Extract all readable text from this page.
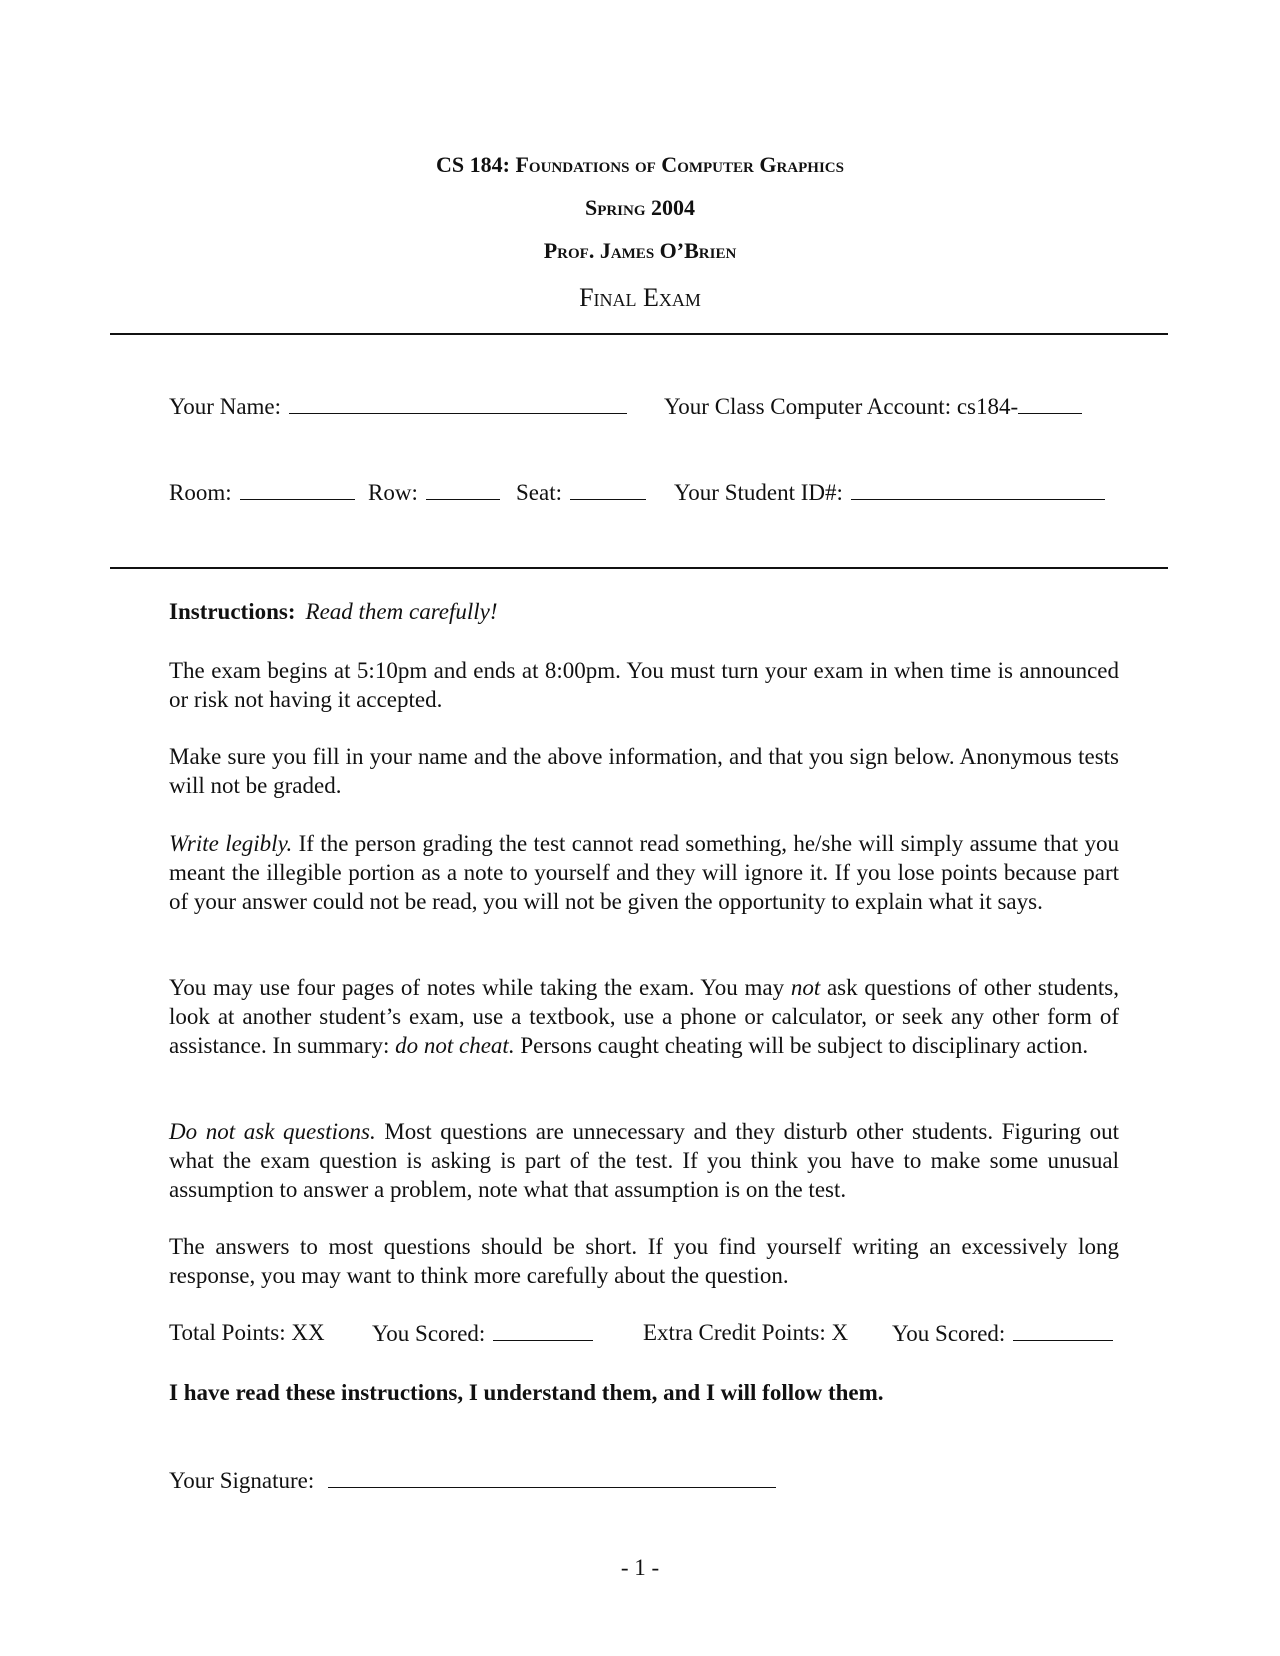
CS 184: Foundations of Computer Graphics
Spring 2004
Prof. James O’Brien
Final Exam
Your Name:	Your Class Computer Account: cs184-
Room:	Row:	Seat:	Your Student ID#:
Instructions: Read them carefully!
The exam begins at 5:10pm and ends at 8:00pm. You must turn your exam in when time is announced or risk not having it accepted.
Make sure you fill in your name and the above information, and that you sign below. Anonymous tests will not be graded.
Write legibly. If the person grading the test cannot read something, he/she will simply assume that you meant the illegible portion as a note to yourself and they will ignore it. If you lose points because part of your answer could not be read, you will not be given the opportunity to explain what it says.
You may use four pages of notes while taking the exam. You may not ask questions of other students, look at another student’s exam, use a textbook, use a phone or calculator, or seek any other form of assistance. In summary: do not cheat. Persons caught cheating will be subject to disciplinary action.
Do not ask questions. Most questions are unnecessary and they disturb other students. Figuring out what the exam question is asking is part of the test. If you think you have to make some unusual assumption to answer a problem, note what that assumption is on the test.
The answers to most questions should be short. If you find yourself writing an excessively long response, you may want to think more carefully about the question.
Total Points: XX You Scored:	Extra Credit Points: X You Scored:
I have read these instructions, I understand them, and I will follow them.
Your Signature:
- 1 -
